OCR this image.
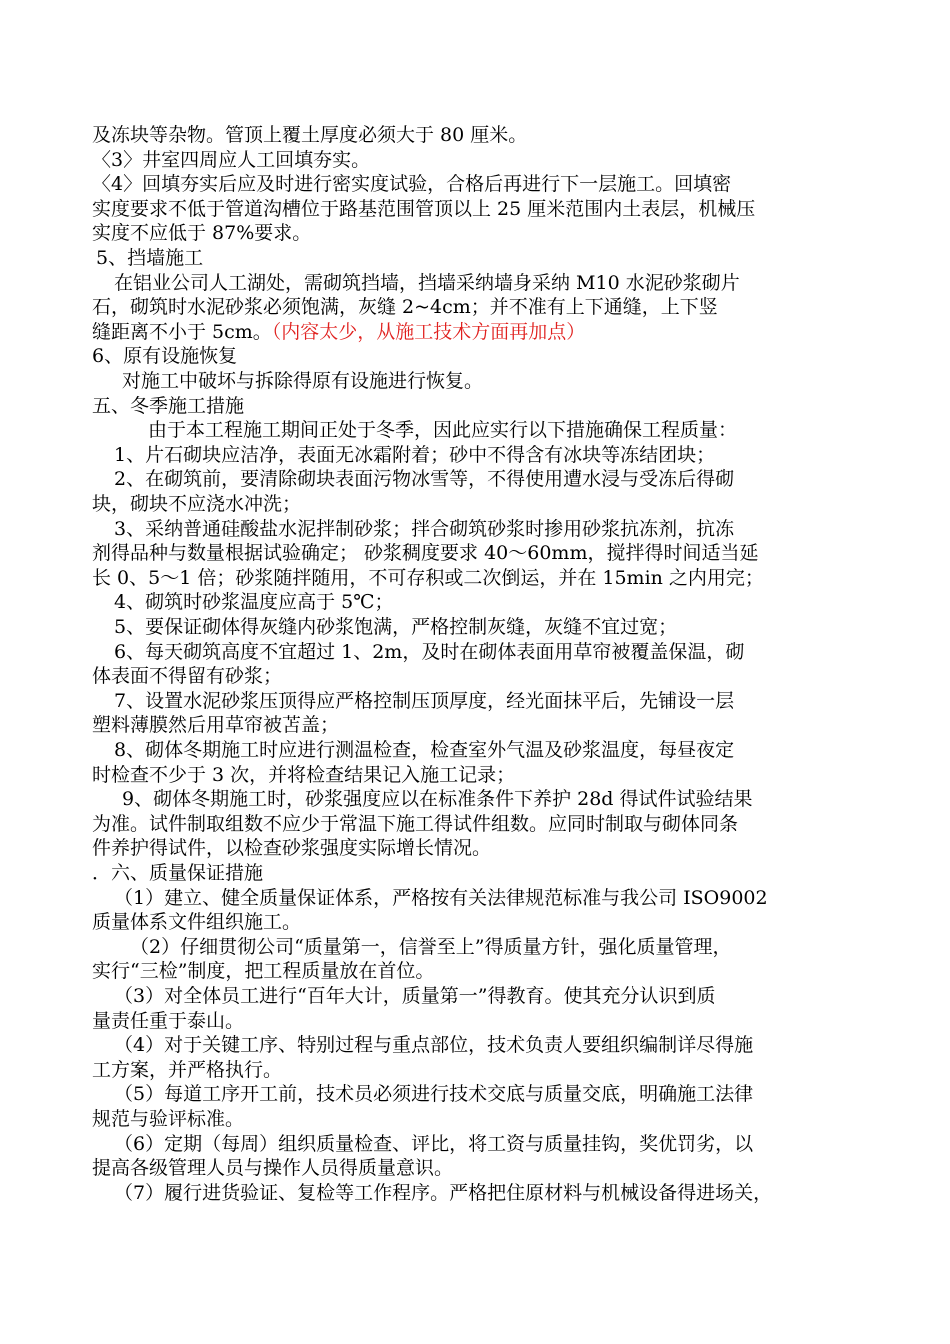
及冻块等杂物。管顶上覆土厚度必须大于 80 厘米。
〈3〉井室四周应人工回填夯实。
〈4〉回填夯实后应及时进行密实度试验，合格后再进行下一层施工。回填密
实度要求不低于管道沟槽位于路基范围管顶以上 25 厘米范围内土表层，机械压
实度不应低于 87%要求。
5、挡墙施工
在铝业公司人工湖处，需砌筑挡墙，挡墙采纳墙身采纳 M10 水泥砂浆砌片
石，砌筑时水泥砂浆必须饱满，灰缝 2~4cm；并不准有上下通缝，上下竖
缝距离不小于 5cm。（内容太少，从施工技术方面再加点）
6、原有设施恢复
对施工中破坏与拆除得原有设施进行恢复。
五、冬季施工措施
由于本工程施工期间正处于冬季，因此应实行以下措施确保工程质量：
1、片石砌块应洁净，表面无冰霜附着；砂中不得含有冰块等冻结团块；
2、在砌筑前，要清除砌块表面污物冰雪等，不得使用遭水浸与受冻后得砌
块，砌块不应浇水冲洗；
3、采纳普通硅酸盐水泥拌制砂浆；拌合砌筑砂浆时掺用砂浆抗冻剂，抗冻
剂得品种与数量根据试验确定； 砂浆稠度要求 40～60mm，搅拌得时间适当延
长 0、5～1 倍；砂浆随拌随用，不可存积或二次倒运，并在 15min 之内用完；
4、砌筑时砂浆温度应高于 5℃；
5、要保证砌体得灰缝内砂浆饱满，严格控制灰缝，灰缝不宜过宽；
6、每天砌筑高度不宜超过 1、2m，及时在砌体表面用草帘被覆盖保温，砌
体表面不得留有砂浆；
7、设置水泥砂浆压顶得应严格控制压顶厚度，经光面抹平后，先铺设一层
塑料薄膜然后用草帘被苫盖；
8、砌体冬期施工时应进行测温检查，检查室外气温及砂浆温度，每昼夜定
时检查不少于 3 次，并将检查结果记入施工记录；
9、砌体冬期施工时，砂浆强度应以在标准条件下养护 28d 得试件试验结果
为准。试件制取组数不应少于常温下施工得试件组数。应同时制取与砌体同条
件养护得试件，以检查砂浆强度实际增长情况。
．六、质量保证措施
（1）建立、健全质量保证体系，严格按有关法律规范标准与我公司 ISO9002
质量体系文件组织施工。
（2）仔细贯彻公司“质量第一，信誉至上”得质量方针，强化质量管理，
实行“三检”制度，把工程质量放在首位。
（3）对全体员工进行“百年大计，质量第一”得教育。使其充分认识到质
量责任重于泰山。
（4）对于关键工序、特别过程与重点部位，技术负责人要组织编制详尽得施
工方案，并严格执行。
（5）每道工序开工前，技术员必须进行技术交底与质量交底，明确施工法律
规范与验评标准。
（6）定期（每周）组织质量检查、评比，将工资与质量挂钩，奖优罚劣，以
提高各级管理人员与操作人员得质量意识。
（7）履行进货验证、复检等工作程序。严格把住原材料与机械设备得进场关，
